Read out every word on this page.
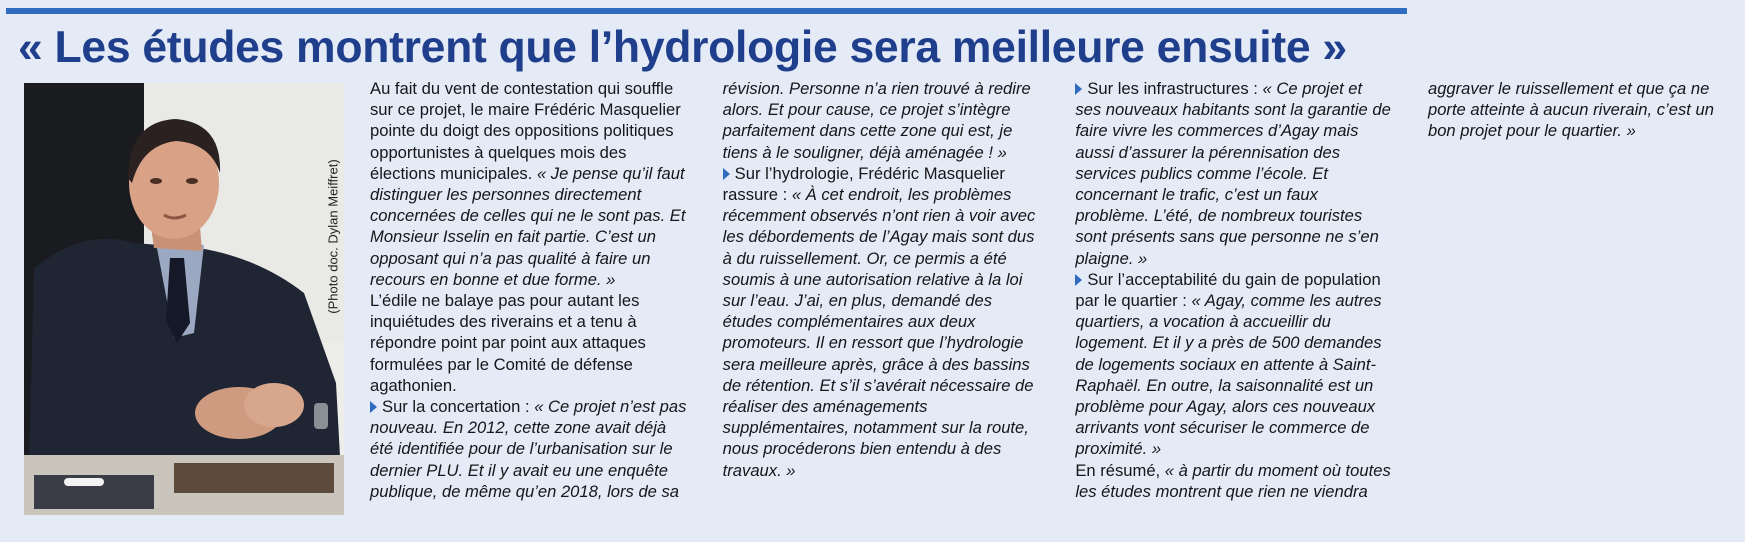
« Les études montrent que l’hydrologie sera meilleure ensuite »
(Photo doc. Dylan Meiffret)

Au fait du vent de contestation qui souffle sur ce projet, le maire Frédéric Masquelier pointe du doigt des oppositions politiques opportunistes à quelques mois des élections municipales. « Je pense qu’il faut distinguer les personnes directement concernées de celles qui ne le sont pas. Et Monsieur Isselin en fait partie. C’est un opposant qui n’a pas qualité à faire un recours en bonne et due forme. »

L’édile ne balaye pas pour autant les inquiétudes des riverains et a tenu à répondre point par point aux attaques formulées par le Comité de défense agathonien.

Sur la concertation : « Ce projet n’est pas nouveau. En 2012, cette zone avait déjà été identifiée pour de l’urbanisation sur le dernier PLU. Et il y avait eu une enquête publique, de même qu’en 2018, lors de sa révision. Personne n’a rien trouvé à redire alors. Et pour cause, ce projet s’intègre parfaitement dans cette zone qui est, je tiens à le souligner, déjà aménagée ! »

Sur l’hydrologie, Frédéric Masquelier rassure : « À cet endroit, les problèmes récemment observés n’ont rien à voir avec les débordements de l’Agay mais sont dus à du ruissellement. Or, ce permis a été soumis à une autorisation relative à la loi sur l’eau. J’ai, en plus, demandé des études complémentaires aux deux promoteurs. Il en ressort que l’hydrologie sera meilleure après, grâce à des bassins de rétention. Et s’il s’avérait nécessaire de réaliser des aménagements supplémentaires, notamment sur la route, nous procéderons bien entendu à des travaux. »

Sur les infrastructures : « Ce projet et ses nouveaux habitants sont la garantie de faire vivre les commerces d’Agay mais aussi d’assurer la pérennisation des services publics comme l’école. Et concernant le trafic, c’est un faux problème. L’été, de nombreux touristes sont présents sans que personne ne s’en plaigne. »

Sur l’acceptabilité du gain de population par le quartier : « Agay, comme les autres quartiers, a vocation à accueillir du logement. Et il y a près de 500 demandes de logements sociaux en attente à Saint-Raphaël. En outre, la saisonnalité est un problème pour Agay, alors ces nouveaux arrivants vont sécuriser le commerce de proximité. »

En résumé, « à partir du moment où toutes les études montrent que rien ne viendra aggraver le ruissellement et que ça ne porte atteinte à aucun riverain, c’est un bon projet pour le quartier. »
